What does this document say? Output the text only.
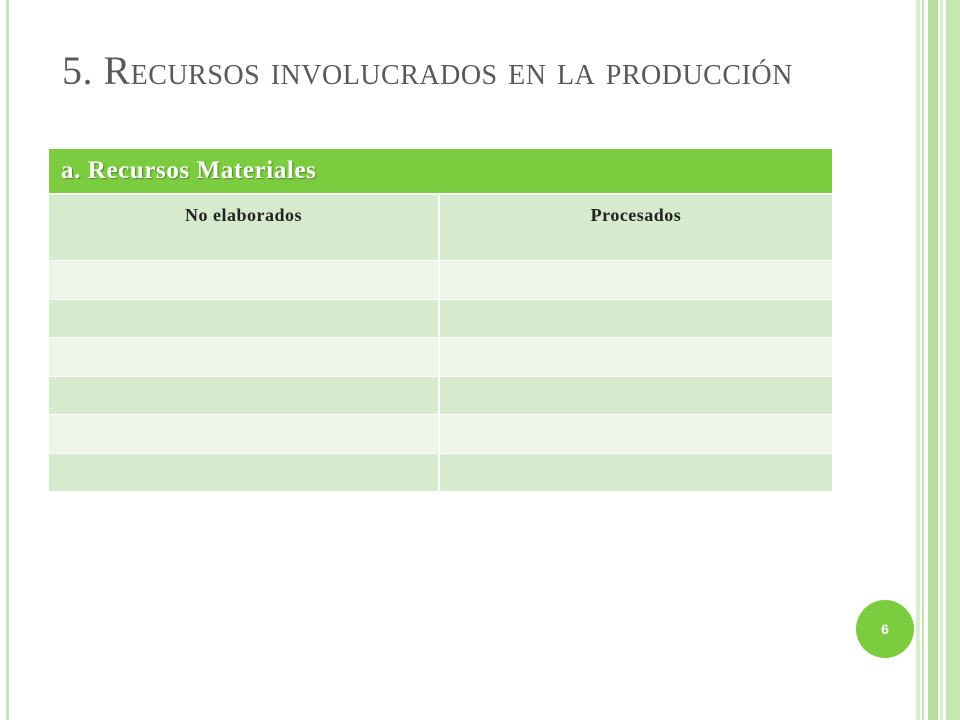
5. Recursos involucrados en la producción
a. Recursos Materiales
No elaborados	Procesados
6
